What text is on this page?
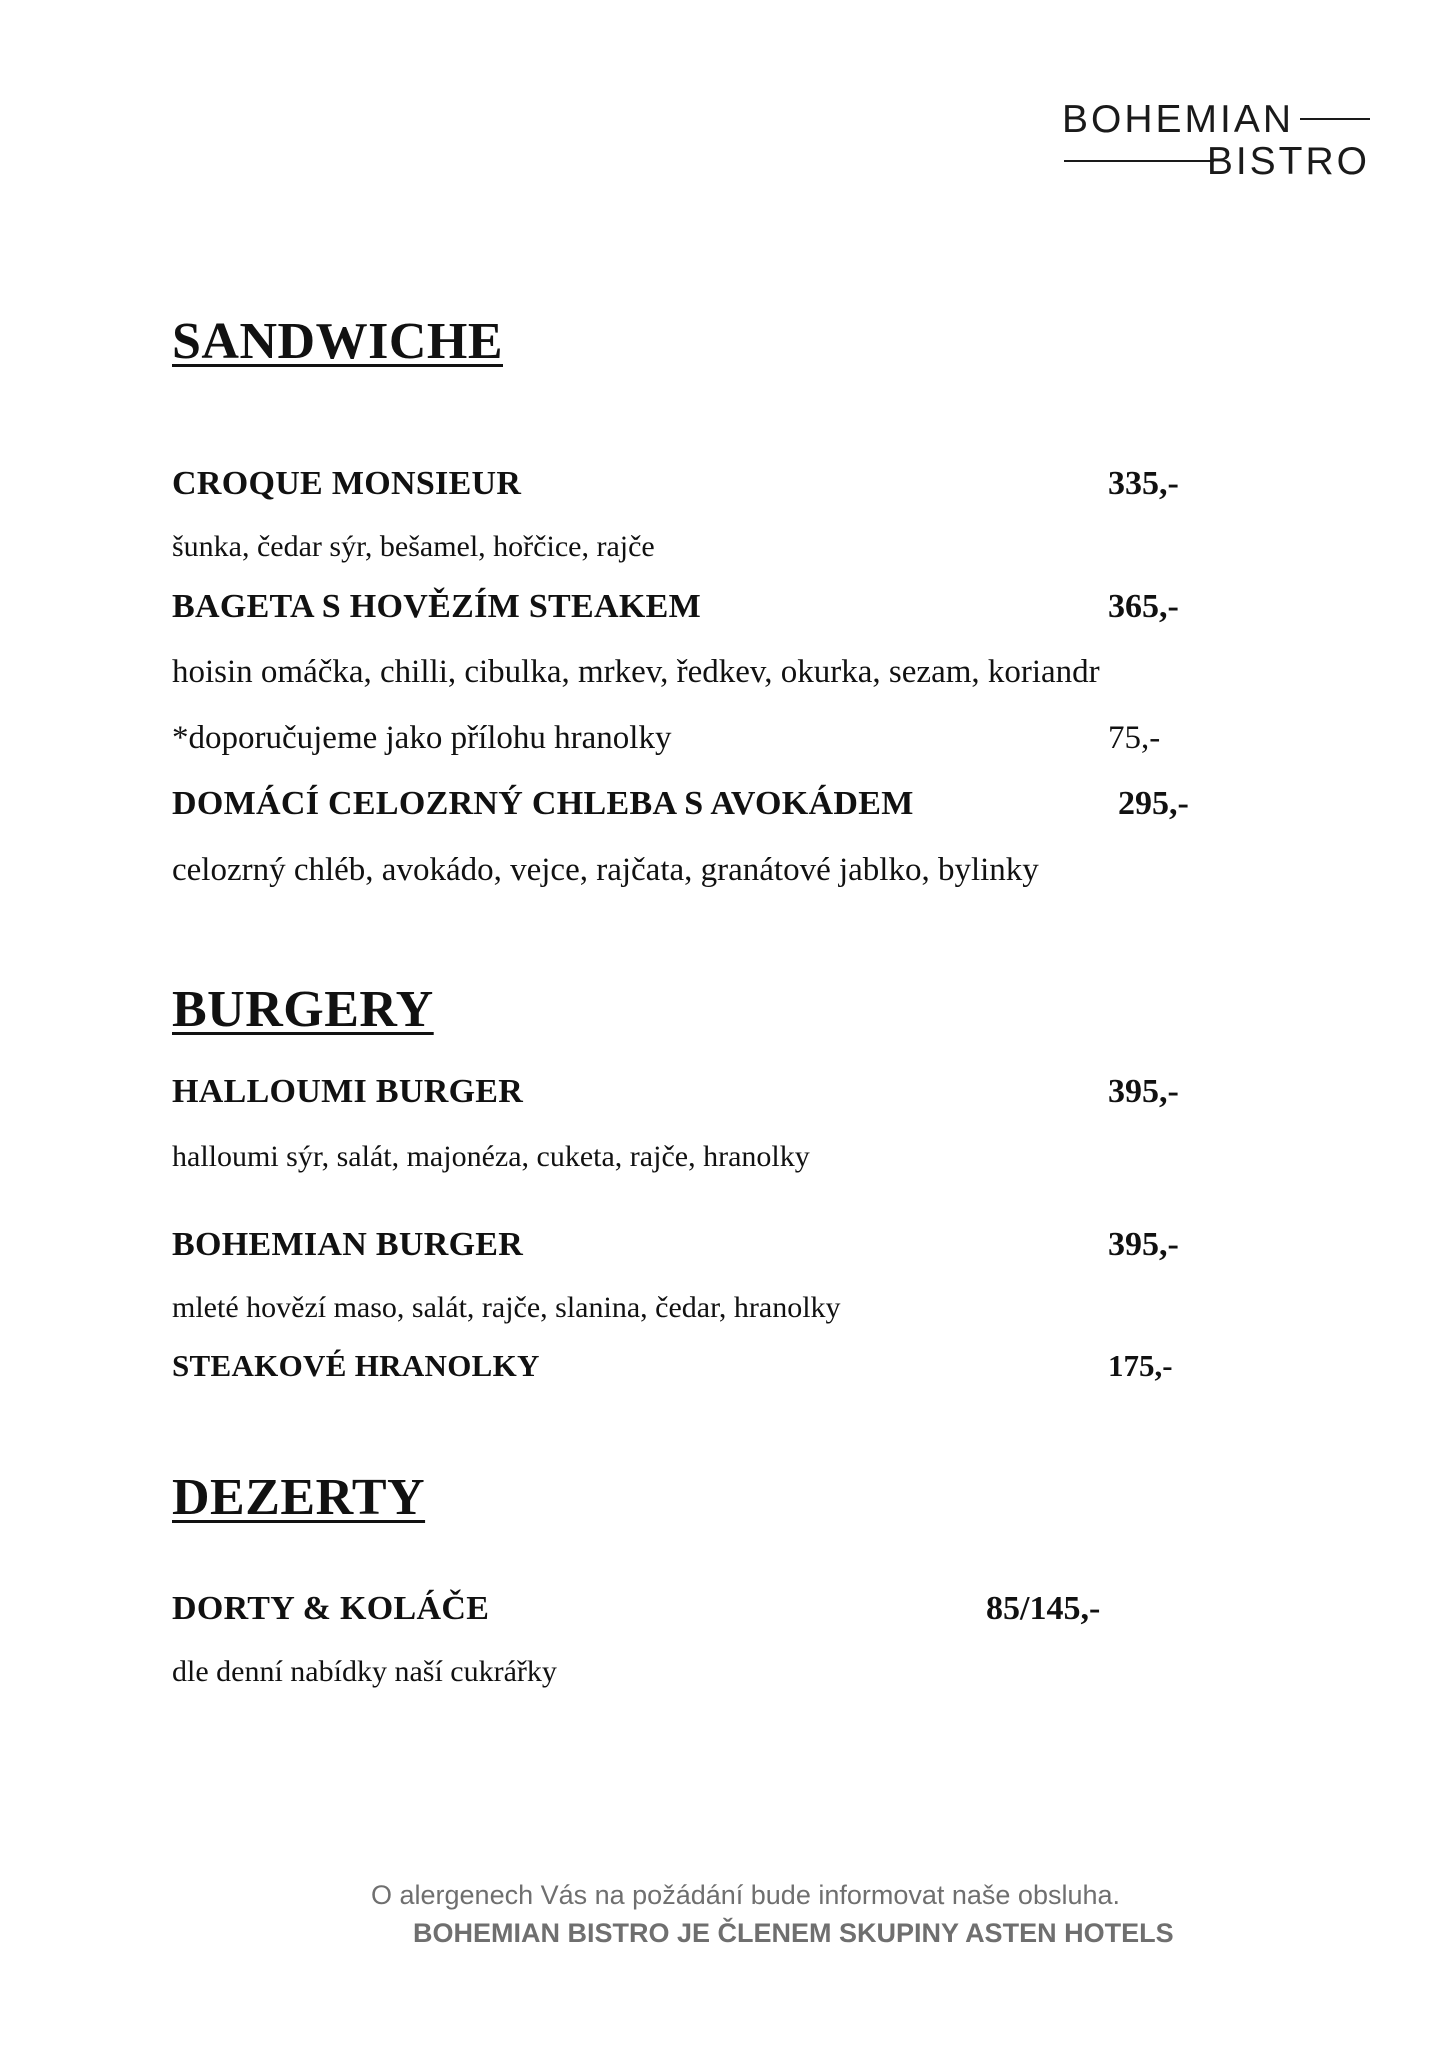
BOHEMIAN
BISTRO
SANDWICHE
CROQUE MONSIEUR	335,-
šunka, čedar sýr, bešamel, hořčice, rajče
BAGETA S HOVĚZÍM STEAKEM	365,-
hoisin omáčka, chilli, cibulka, mrkev, ředkev, okurka, sezam, koriandr
*doporučujeme jako přílohu hranolky	75,-
DOMÁCÍ CELOZRNÝ CHLEBA S AVOKÁDEM	295,-
celozrný chléb, avokádo, vejce, rajčata, granátové jablko, bylinky
BURGERY
HALLOUMI BURGER	395,-
halloumi sýr, salát, majonéza, cuketa, rajče, hranolky
BOHEMIAN BURGER	395,-
mleté hovězí maso, salát, rajče, slanina, čedar, hranolky
STEAKOVÉ HRANOLKY	175,-
DEZERTY
DORTY & KOLÁČE	85/145,-
dle denní nabídky naší cukrářky
O alergenech Vás na požádání bude informovat naše obsluha.
BOHEMIAN BISTRO JE ČLENEM SKUPINY ASTEN HOTELS
